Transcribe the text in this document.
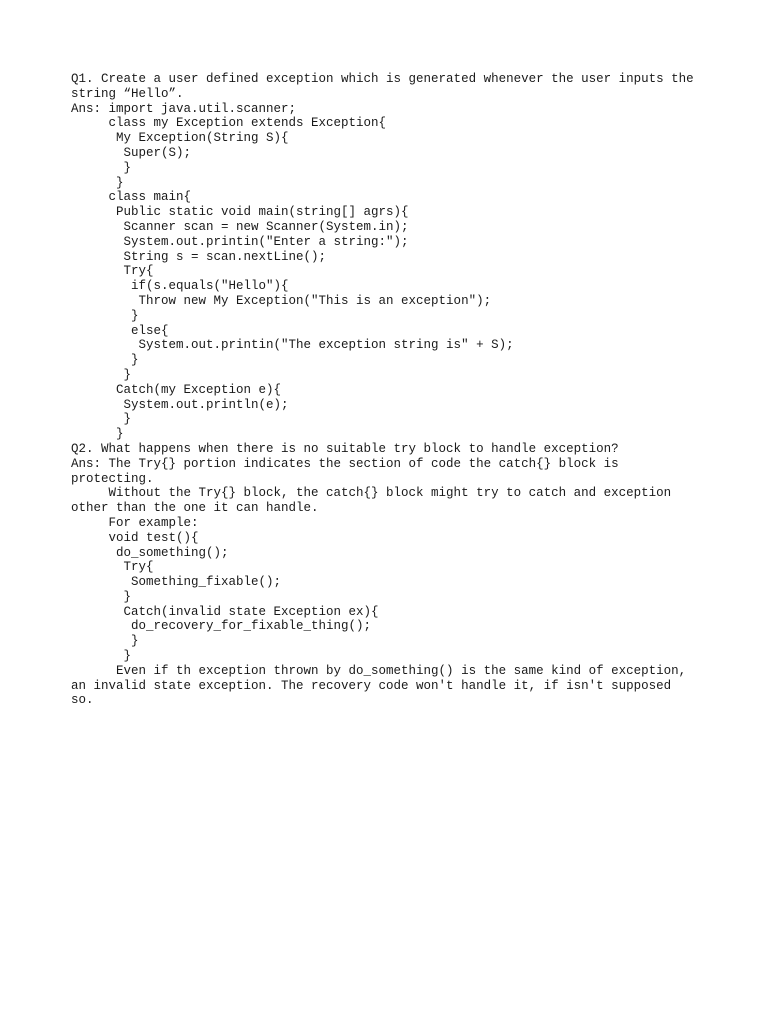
Q1. Create a user defined exception which is generated whenever the user inputs the
string “Hello”.
Ans: import java.util.scanner;
class my Exception extends Exception{
My Exception(String S){
Super(S);
}
}
class main{
Public static void main(string[] agrs){
Scanner scan = new Scanner(System.in);
System.out.printin("Enter a string:");
String s = scan.nextLine();
Try{
if(s.equals("Hello"){
Throw new My Exception("This is an exception");
}
else{
System.out.printin("The exception string is" + S);
}
}
Catch(my Exception e){
System.out.println(e);
}
}
Q2. What happens when there is no suitable try block to handle exception?
Ans: The Try{} portion indicates the section of code the catch{} block is
protecting.
Without the Try{} block, the catch{} block might try to catch and exception
other than the one it can handle.
For example:
void test(){
do_something();
Try{
Something_fixable();
}
Catch(invalid state Exception ex){
do_recovery_for_fixable_thing();
}
}
Even if th exception thrown by do_something() is the same kind of exception,
an invalid state exception. The recovery code won't handle it, if isn't supposed
so.
